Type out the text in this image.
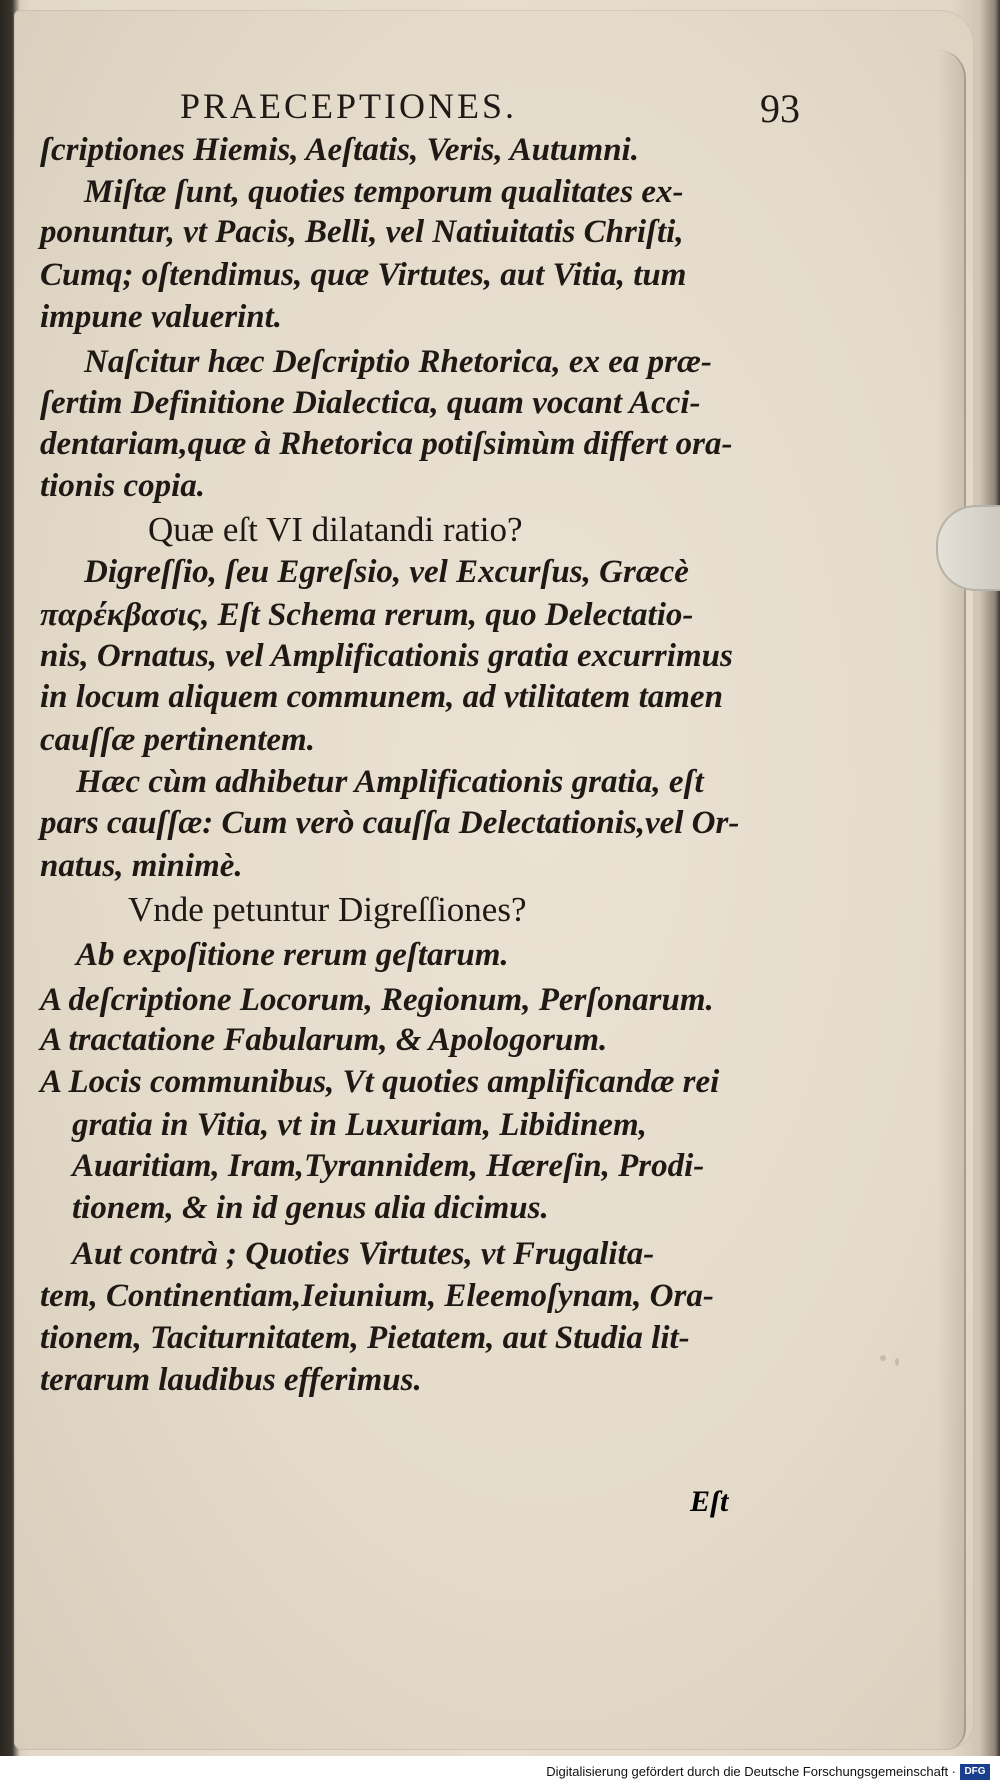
PRAECEPTIONES.	93
ſcriptiones Hiemis, Aeſtatis, Veris, Autumni.
Miſtæ ſunt, quoties temporum qualitates ex-
ponuntur, vt Pacis, Belli, vel Natiuitatis Chriſti,
Cumq; oſtendimus, quæ Virtutes, aut Vitia, tum
impune valuerint.
Naſcitur hæc Deſcriptio Rhetorica, ex ea præ-
ſertim Definitione Dialectica, quam vocant Acci-
dentariam,quæ à Rhetorica potiſsimùm differt ora-
tionis copia.
Quæ eſt VI dilatandi ratio?
Digreſſio, ſeu Egreſsio, vel Excurſus, Græcè
παρέκβασις, Eſt Schema rerum, quo Delectatio-
nis, Ornatus, vel Amplificationis gratia excurrimus
in locum aliquem communem, ad vtilitatem tamen
cauſſæ pertinentem.
Hæc cùm adhibetur Amplificationis gratia, eſt
pars cauſſæ: Cum verò cauſſa Delectationis,vel Or-
natus, minimè.
Vnde petuntur Digreſſiones?
Ab expoſitione rerum geſtarum.
A deſcriptione Locorum, Regionum, Perſonarum.
A tractatione Fabularum, & Apologorum.
A Locis communibus, Vt quoties amplificandæ rei
gratia in Vitia, vt in Luxuriam, Libidinem,
Auaritiam, Iram,Tyrannidem, Hæreſin, Prodi-
tionem, & in id genus alia dicimus.
Aut contrà ; Quoties Virtutes, vt Frugalita-
tem, Continentiam,Ieiunium, Eleemoſynam, Ora-
tionem, Taciturnitatem, Pietatem, aut Studia lit-
terarum laudibus efferimus.
Eſt
Digitalisierung gefördert durch die Deutsche Forschungsgemeinschaft · DFG
